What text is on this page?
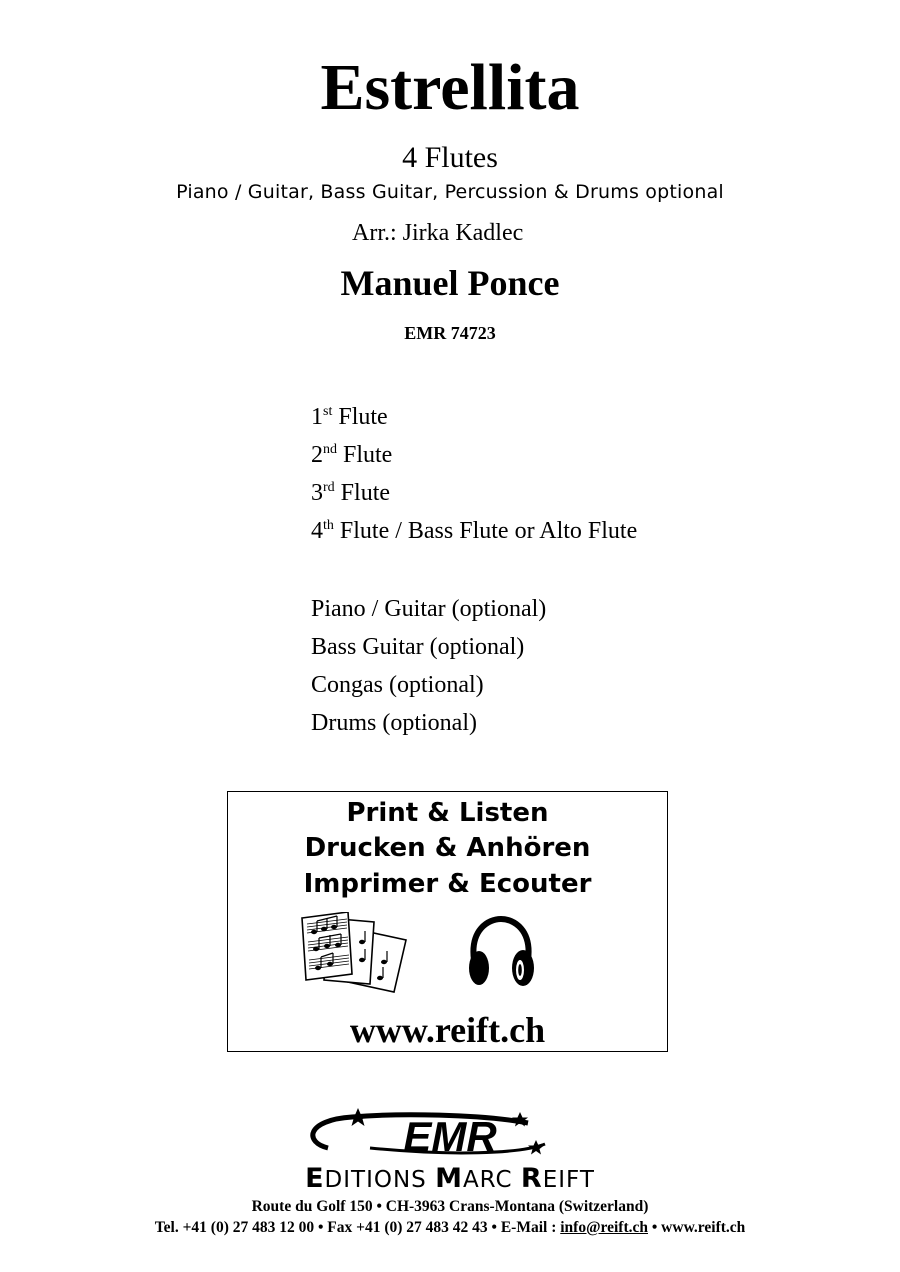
Estrellita
4 Flutes
Piano / Guitar, Bass Guitar, Percussion & Drums optional
Arr.: Jirka Kadlec
Manuel Ponce
EMR 74723
1st Flute
2nd Flute
3rd Flute
4th Flute / Bass Flute or Alto Flute
Piano / Guitar (optional)
Bass Guitar (optional)
Congas (optional)
Drums (optional)
Print & Listen
Drucken & Anhören
Imprimer & Ecouter
www.reift.ch
EMR
EDITIONS MARC REIFT
Route du Golf 150 • CH-3963 Crans-Montana (Switzerland)
Tel. +41 (0) 27 483 12 00 • Fax +41 (0) 27 483 42 43 • E-Mail : info@reift.ch • www.reift.ch
